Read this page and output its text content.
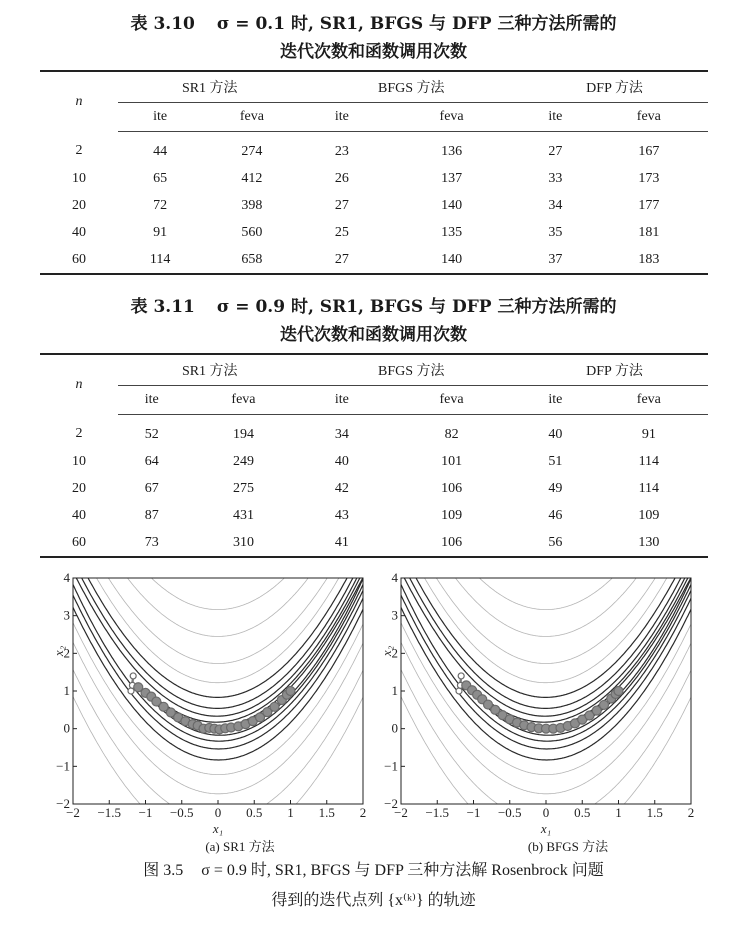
表 3.10 σ = 0.1 时, SR1, BFGS 与 DFP 三种方法所需的
迭代次数和函数调用次数
n	SR1 方法		BFGS 方法		DFP 方法	
	ite	feva	ite	feva	ite	feva
2	44	274	23	136	27	167
10	65	412	26	137	33	173
20	72	398	27	140	34	177
40	91	560	25	135	35	181
60	114	658	27	140	37	183
表 3.11 σ = 0.9 时, SR1, BFGS 与 DFP 三种方法所需的
迭代次数和函数调用次数
n	SR1 方法		BFGS 方法		DFP 方法	
	ite	feva	ite	feva	ite	feva
2	52	194	34	82	40	91
10	64	249	40	101	51	114
20	67	275	42	106	49	114
40	87	431	43	109	46	109
60	73	310	41	106	56	130
−2 −1.5 −1 −0.5 0 0.5 1 1.5 2
4
3
2
1
0
−1
−2
x₁
x₂
−2 −1.5 −1 −0.5 0 0.5 1 1.5 2
4
3
2
1
0
−1
−2
x₁
x₂
(a) SR1 方法	(b) BFGS 方法
图 3.5 σ = 0.9 时, SR1, BFGS 与 DFP 三种方法解 Rosenbrock 问题
得到的迭代点列 {x⁽ᵏ⁾} 的轨迹
